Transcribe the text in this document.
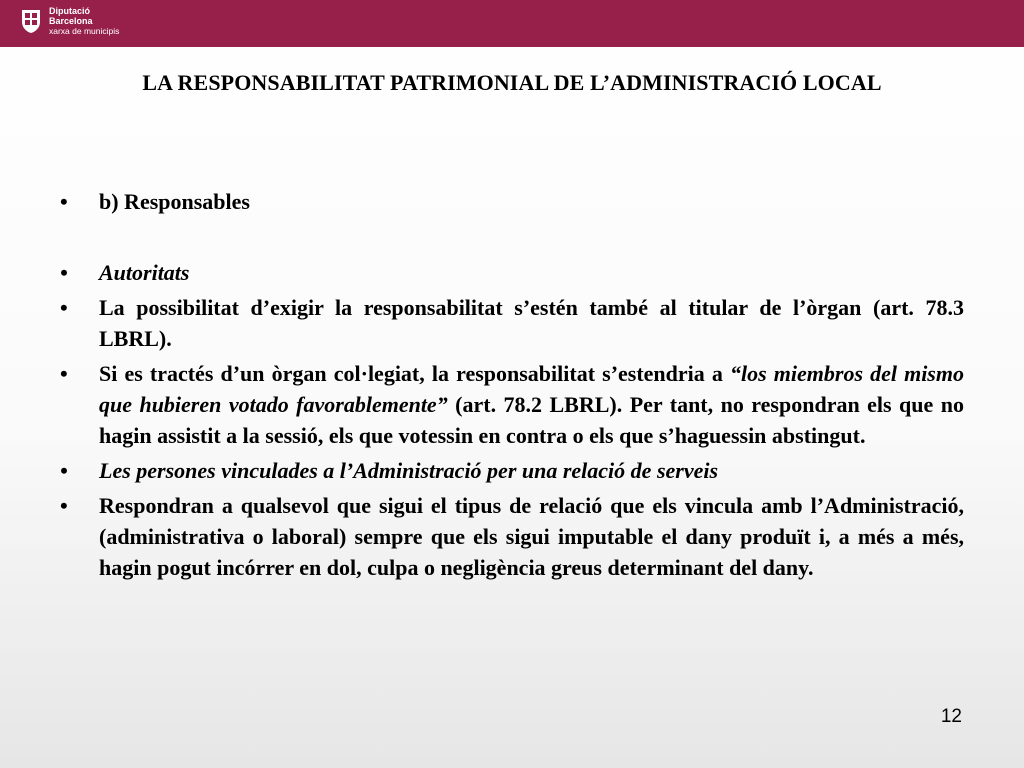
Diputació
Barcelona
xarxa de municipis
LA RESPONSABILITAT PATRIMONIAL DE L’ADMINISTRACIÓ LOCAL
• b) Responsables
• Autoritats
• La possibilitat d’exigir la responsabilitat s’estén també al titular de l’òrgan (art. 78.3 LBRL).
• Si es tractés d’un òrgan col·legiat, la responsabilitat s’estendria a “los miembros del mismo que hubieren votado favorablemente” (art. 78.2 LBRL). Per tant, no respondran els que no hagin assistit a la sessió, els que votessin en contra o els que s’haguessin abstingut.
• Les persones vinculades a l’Administració per una relació de serveis
• Respondran a qualsevol que sigui el tipus de relació que els vincula amb l’Administració, (administrativa o laboral) sempre que els sigui imputable el dany produït i, a més a més, hagin pogut incórrer en dol, culpa o negligència greus determinant del dany.
12
